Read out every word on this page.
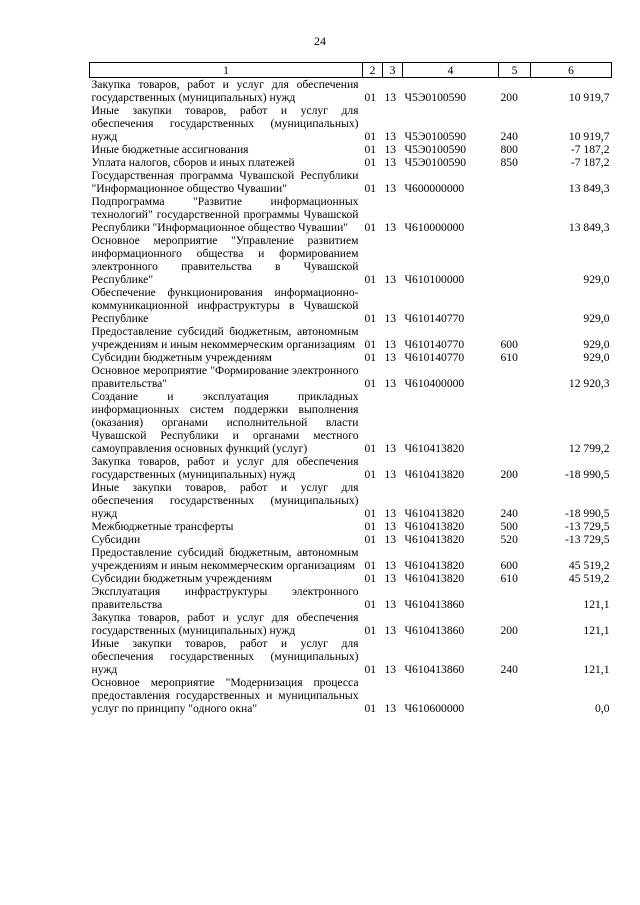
24
1	2	3	4	5	6
Закупка товаров, работ и услуг для обеспечения государственных (муниципальных) нужд	01	13	Ч5Э0100590	200	10 919,7
Иные закупки товаров, работ и услуг для обеспечения государственных (муниципальных) нужд	01	13	Ч5Э0100590	240	10 919,7
Иные бюджетные ассигнования	01	13	Ч5Э0100590	800	-7 187,2
Уплата налогов, сборов и иных платежей	01	13	Ч5Э0100590	850	-7 187,2
Государственная программа Чувашской Республики "Информационное общество Чувашии"	01	13	Ч600000000		13 849,3
Подпрограмма "Развитие информационных технологий" государственной программы Чувашской Республики "Информационное общество Чувашии"	01	13	Ч610000000		13 849,3
Основное мероприятие "Управление развитием информационного общества и формированием электронного правительства в Чувашской Республике"	01	13	Ч610100000		929,0
Обеспечение функционирования информационно-коммуникационной инфраструктуры в Чувашской Республике	01	13	Ч610140770		929,0
Предоставление субсидий бюджетным, автономным учреждениям и иным некоммерческим организациям	01	13	Ч610140770	600	929,0
Субсидии бюджетным учреждениям	01	13	Ч610140770	610	929,0
Основное мероприятие "Формирование электронного правительства"	01	13	Ч610400000		12 920,3
Создание и эксплуатация прикладных информационных систем поддержки выполнения (оказания) органами исполнительной власти Чувашской Республики и органами местного самоуправления основных функций (услуг)	01	13	Ч610413820		12 799,2
Закупка товаров, работ и услуг для обеспечения государственных (муниципальных) нужд	01	13	Ч610413820	200	-18 990,5
Иные закупки товаров, работ и услуг для обеспечения государственных (муниципальных) нужд	01	13	Ч610413820	240	-18 990,5
Межбюджетные трансферты	01	13	Ч610413820	500	-13 729,5
Субсидии	01	13	Ч610413820	520	-13 729,5
Предоставление субсидий бюджетным, автономным учреждениям и иным некоммерческим организациям	01	13	Ч610413820	600	45 519,2
Субсидии бюджетным учреждениям	01	13	Ч610413820	610	45 519,2
Эксплуатация инфраструктуры электронного правительства	01	13	Ч610413860		121,1
Закупка товаров, работ и услуг для обеспечения государственных (муниципальных) нужд	01	13	Ч610413860	200	121,1
Иные закупки товаров, работ и услуг для обеспечения государственных (муниципальных) нужд	01	13	Ч610413860	240	121,1
Основное мероприятие "Модернизация процесса предоставления государственных и муниципальных услуг по принципу "одного окна"	01	13	Ч610600000		0,0
